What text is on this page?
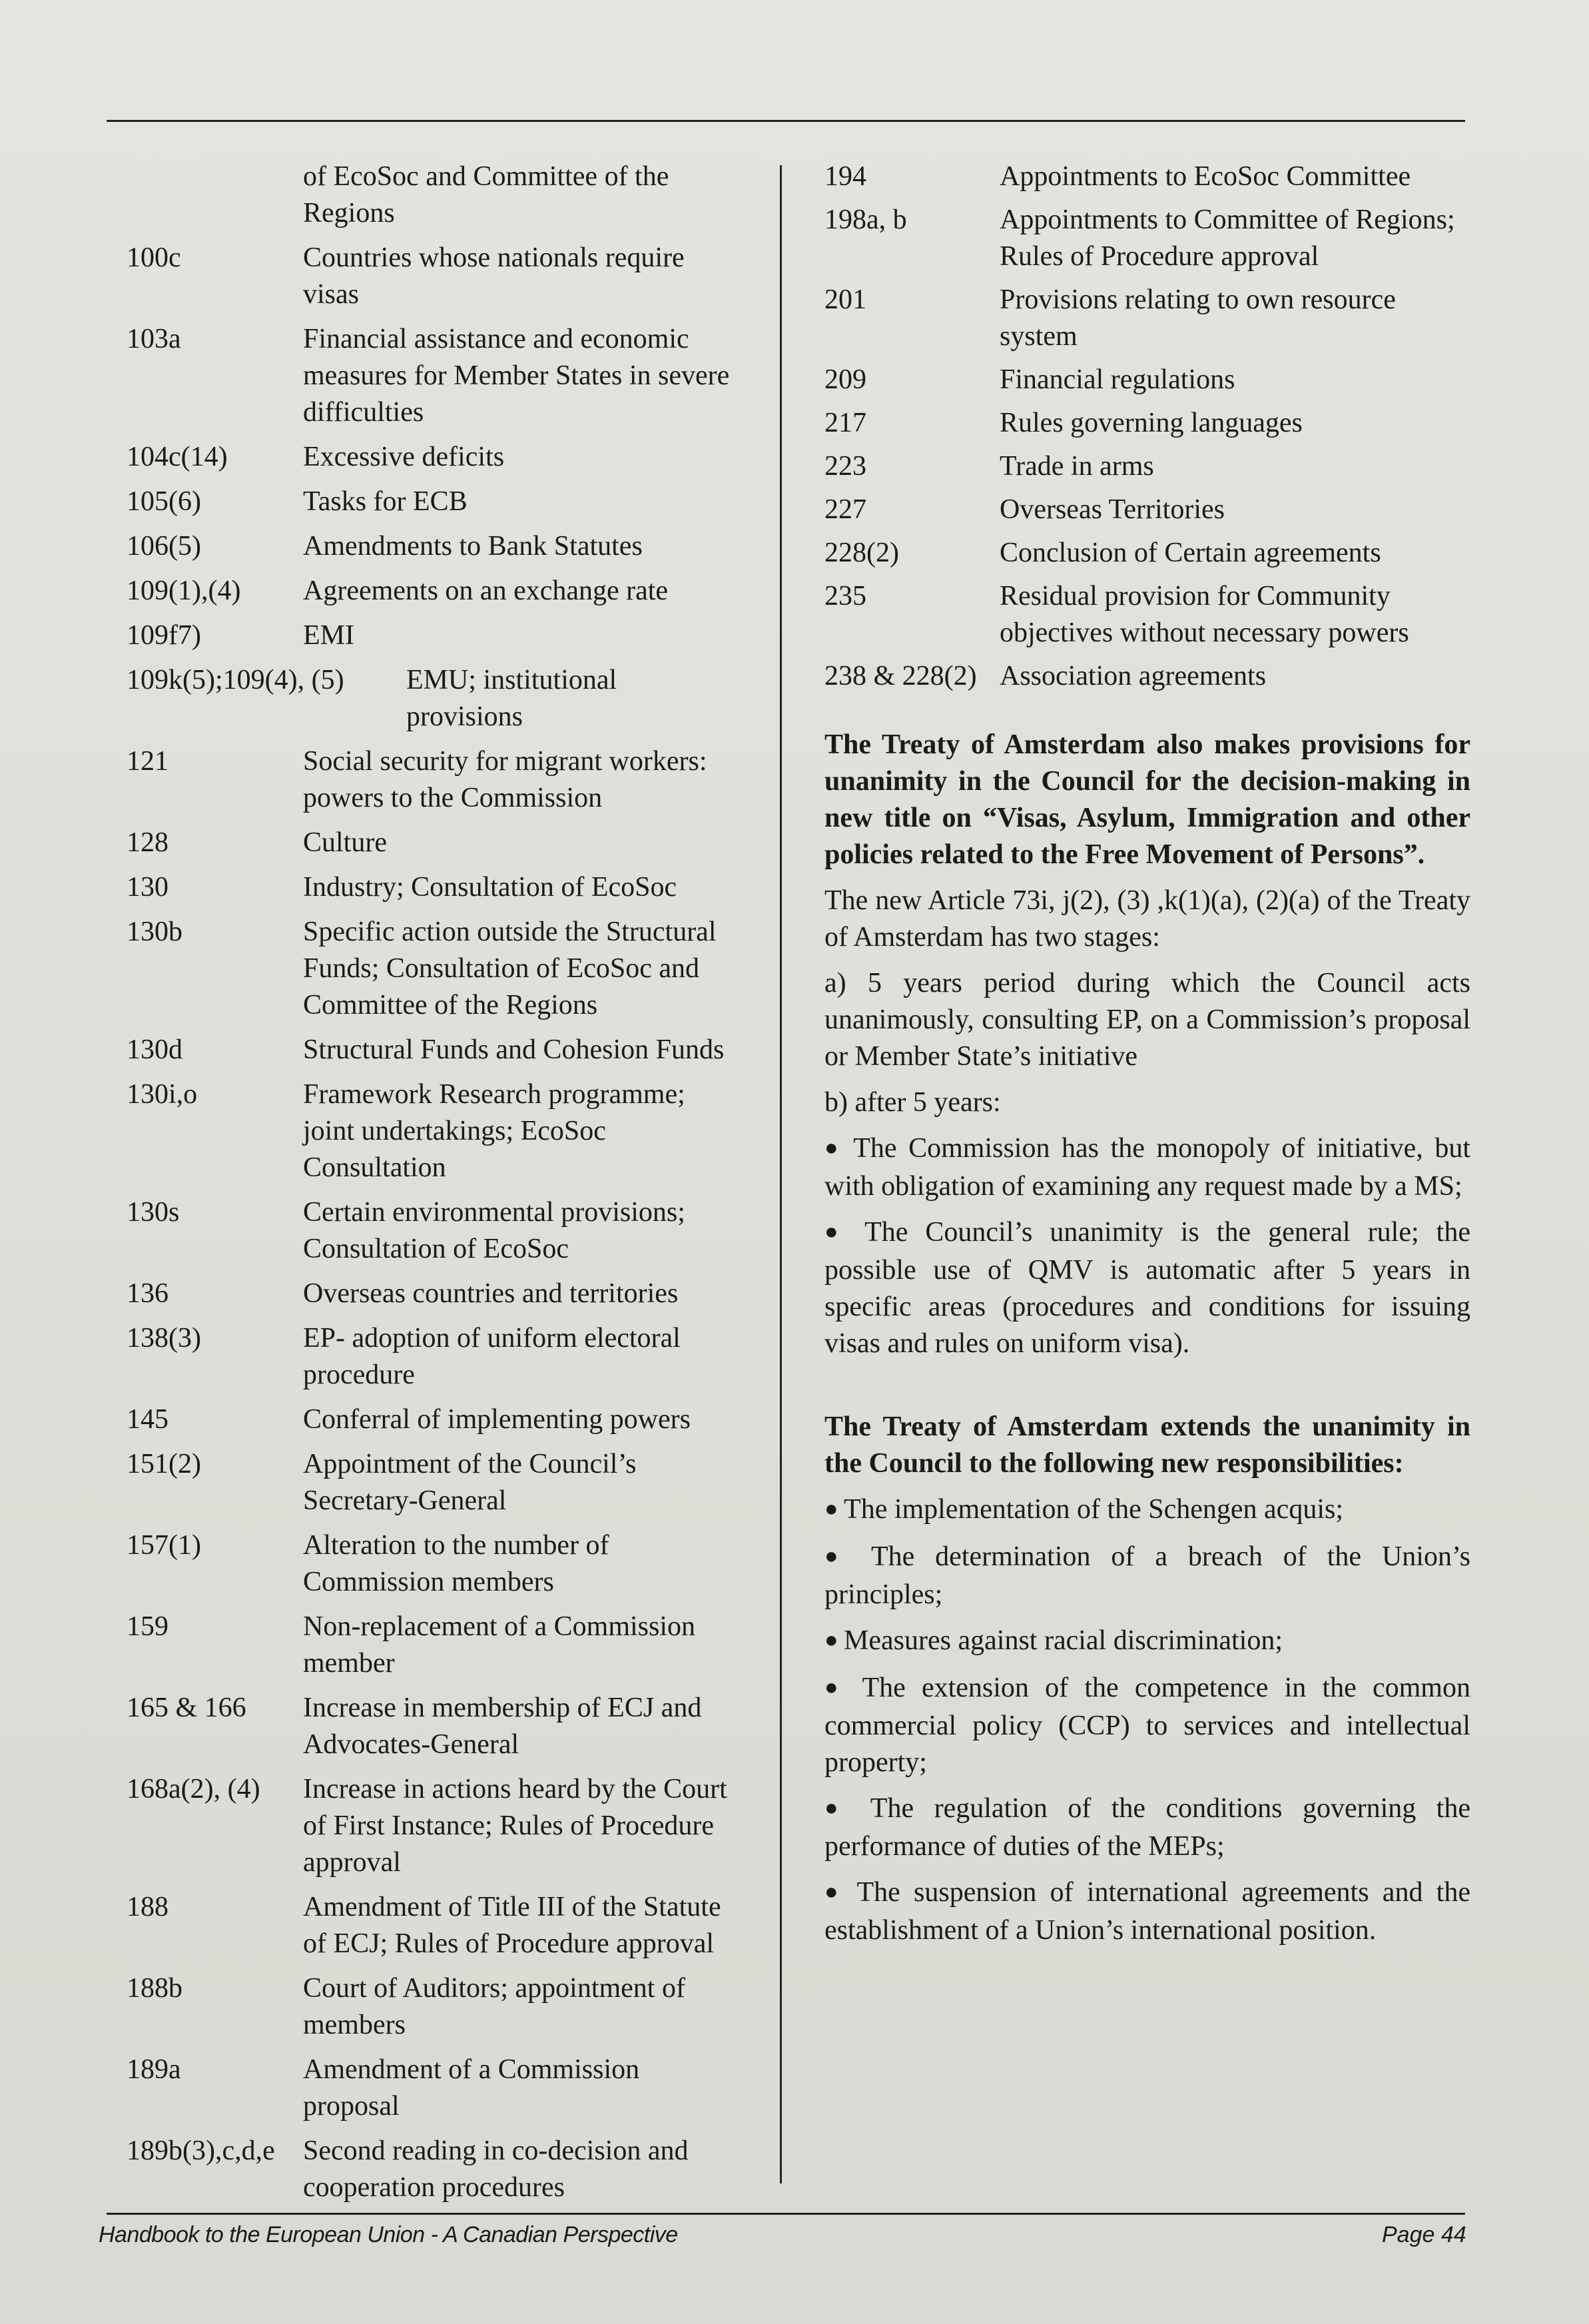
of EcoSoc and Committee of the Regions
100c	Countries whose nationals require visas
103a	Financial assistance and economic measures for Member States in severe difficulties
104c(14)	Excessive deficits
105(6)	Tasks for ECB
106(5)	Amendments to Bank Statutes
109(1),(4)	Agreements on an exchange rate
109f7)	EMI
109k(5);109(4), (5)	EMU; institutional provisions
121	Social security for migrant workers: powers to the Commission
128	Culture
130	Industry; Consultation of EcoSoc
130b	Specific action outside the Structural Funds; Consultation of EcoSoc and Committee of the Regions
130d	Structural Funds and Cohesion Funds
130i,o	Framework Research programme; joint undertakings; EcoSoc Consultation
130s	Certain environmental provisions; Consultation of EcoSoc
136	Overseas countries and territories
138(3)	EP- adoption of uniform electoral procedure
145	Conferral of implementing powers
151(2)	Appointment of the Council’s Secretary-General
157(1)	Alteration to the number of Commission members
159	Non-replacement of a Commission member
165 & 166	Increase in membership of ECJ and Advocates-General
168a(2), (4)	Increase in actions heard by the Court of First Instance; Rules of Procedure approval
188	Amendment of Title III of the Statute of ECJ; Rules of Procedure approval
188b	Court of Auditors; appointment of members
189a	Amendment of a Commission proposal
189b(3),c,d,e	Second reading in co-decision and cooperation procedures
194	Appointments to EcoSoc Committee
198a, b	Appointments to Committee of Regions; Rules of Procedure approval
201	Provisions relating to own resource system
209	Financial regulations
217	Rules governing languages
223	Trade in arms
227	Overseas Territories
228(2)	Conclusion of Certain agreements
235	Residual provision for Community objectives without necessary powers
238 & 228(2) Association agreements
The Treaty of Amsterdam also makes provisions for unanimity in the Council for the decision-making in new title on “Visas, Asylum, Immigration and other policies related to the Free Movement of Persons”.
The new Article 73i, j(2), (3) ,k(1)(a), (2)(a) of the Treaty of Amsterdam has two stages:
a) 5 years period during which the Council acts unanimously, consulting EP, on a Commission’s proposal or Member State’s initiative
b) after 5 years:
● The Commission has the monopoly of initiative, but with obligation of examining any request made by a MS;
● The Council’s unanimity is the general rule; the possible use of QMV is automatic after 5 years in specific areas (procedures and conditions for issuing visas and rules on uniform visa).
The Treaty of Amsterdam extends the unanimity in the Council to the following new responsibilities:
● The implementation of the Schengen acquis;
● The determination of a breach of the Union’s principles;
● Measures against racial discrimination;
● The extension of the competence in the common commercial policy (CCP) to services and intellectual property;
● The regulation of the conditions governing the performance of duties of the MEPs;
● The suspension of international agreements and the establishment of a Union’s international position.
Handbook to the European Union - A Canadian Perspective	Page 44
